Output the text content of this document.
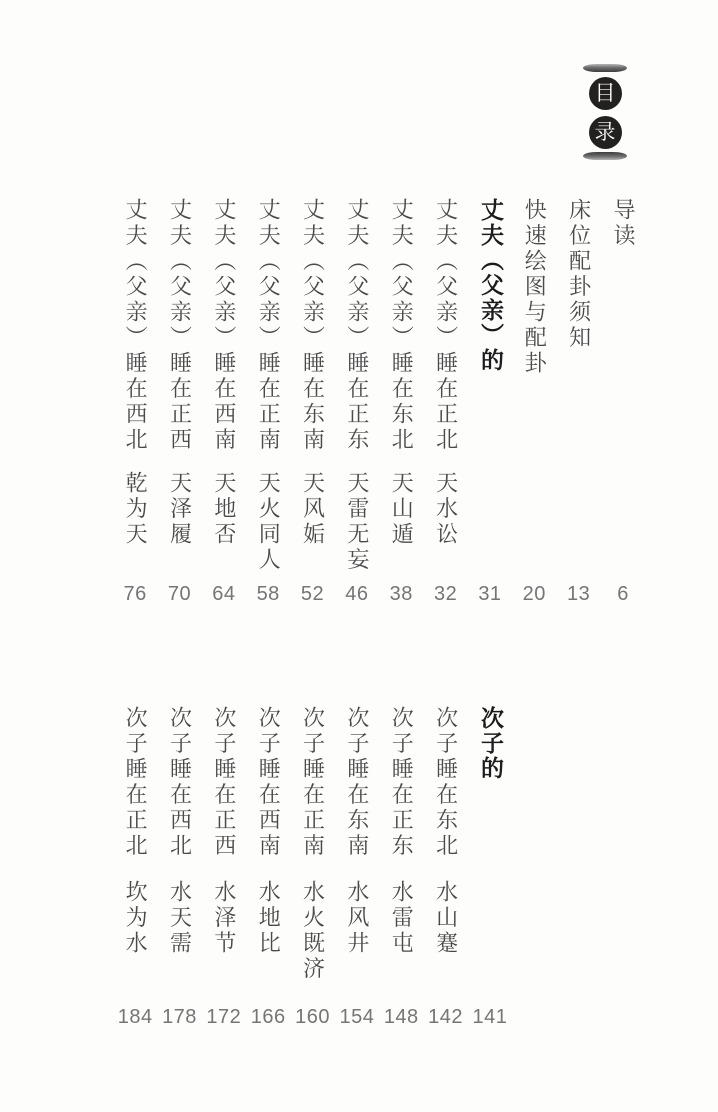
目
录
导读
6
床位配卦须知
13
快速绘图与配卦
20
丈夫（父亲）的
31
丈夫（父亲）睡在正北
天水讼
32
丈夫（父亲）睡在东北
天山遁
38
丈夫（父亲）睡在正东
天雷无妄
46
丈夫（父亲）睡在东南
天风姤
52
丈夫（父亲）睡在正南
天火同人
58
丈夫（父亲）睡在西南
天地否
64
丈夫（父亲）睡在正西
天泽履
70
丈夫（父亲）睡在西北
乾为天
76
次子的
141
次子睡在东北
水山蹇
142
次子睡在正东
水雷屯
148
次子睡在东南
水风井
154
次子睡在正南
水火既济
160
次子睡在西南
水地比
166
次子睡在正西
水泽节
172
次子睡在西北
水天需
178
次子睡在正北
坎为水
184
